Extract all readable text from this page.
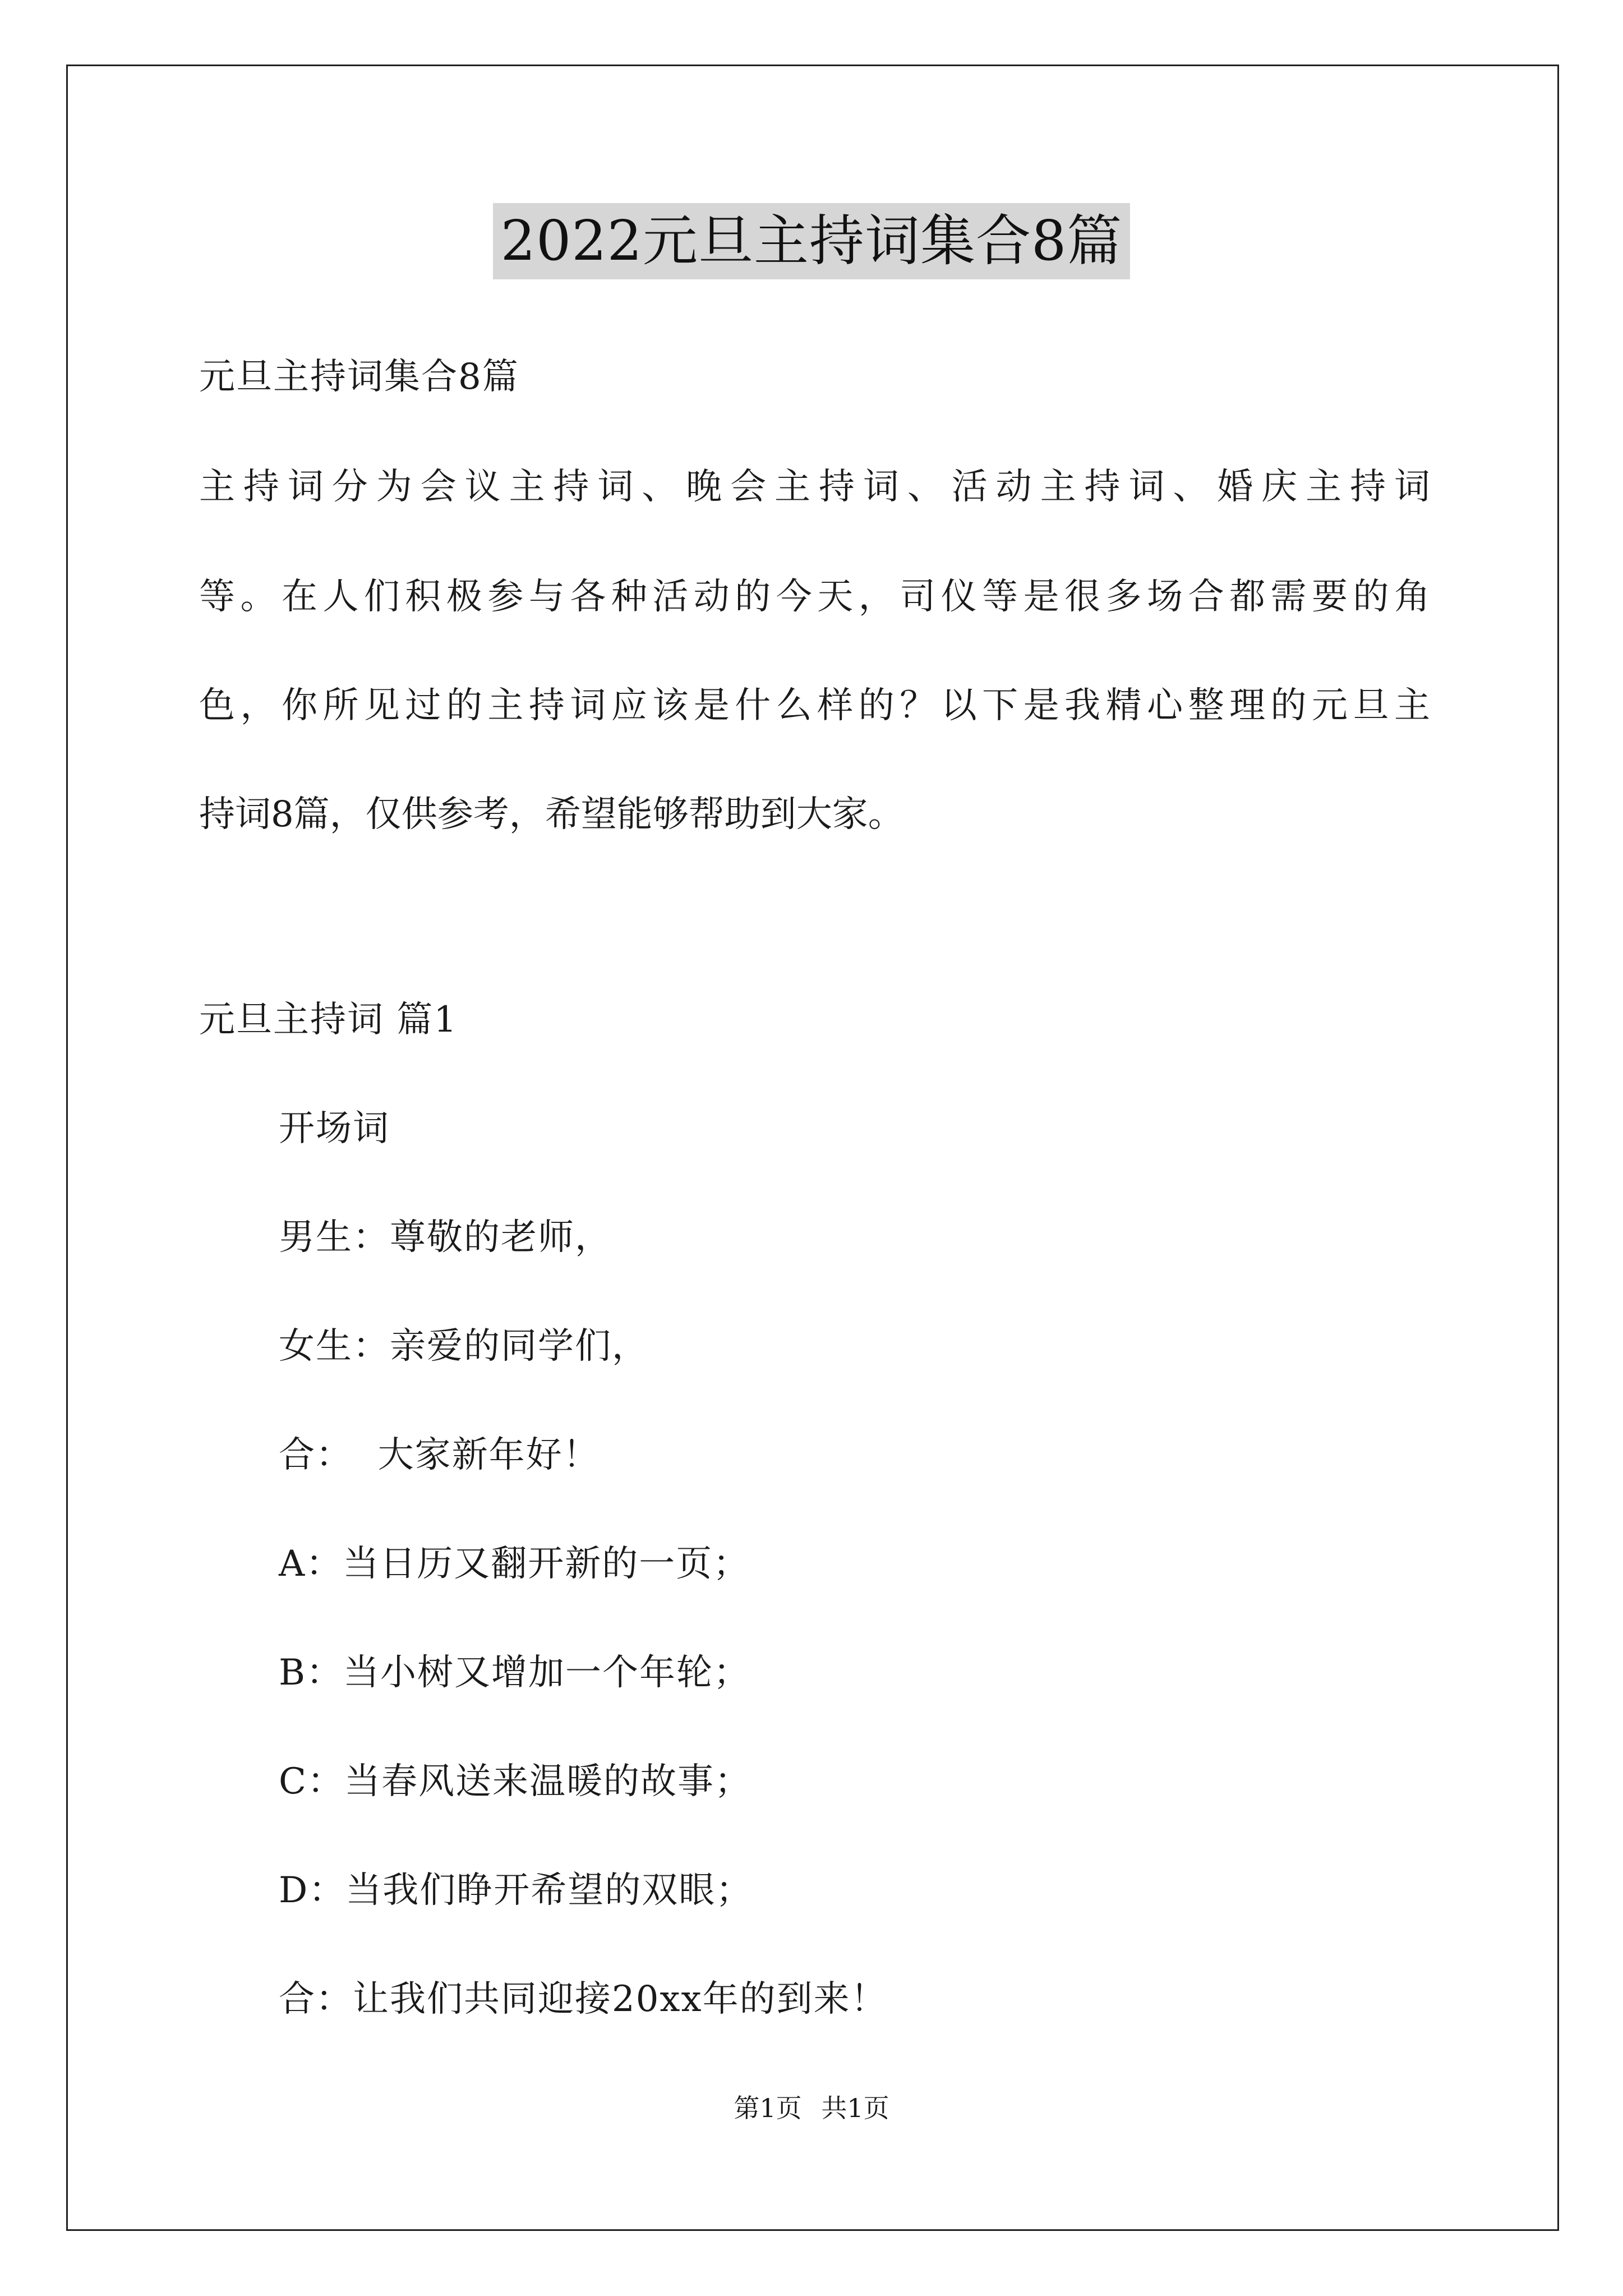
2022元旦主持词集合8篇
元旦主持词集合8篇
主持词分为会议主持词、晚会主持词、活动主持词、婚庆主持词
等。在人们积极参与各种活动的今天，司仪等是很多场合都需要的角
色，你所见过的主持词应该是什么样的？以下是我精心整理的元旦主
持词8篇，仅供参考，希望能够帮助到大家。
元旦主持词 篇1
开场词
男生：尊敬的老师，
女生：亲爱的同学们，
合：  大家新年好！
A：当日历又翻开新的一页；
B：当小树又增加一个年轮；
C：当春风送来温暖的故事；
D：当我们睁开希望的双眼；
合：让我们共同迎接20xx年的到来！
第1页 共1页
